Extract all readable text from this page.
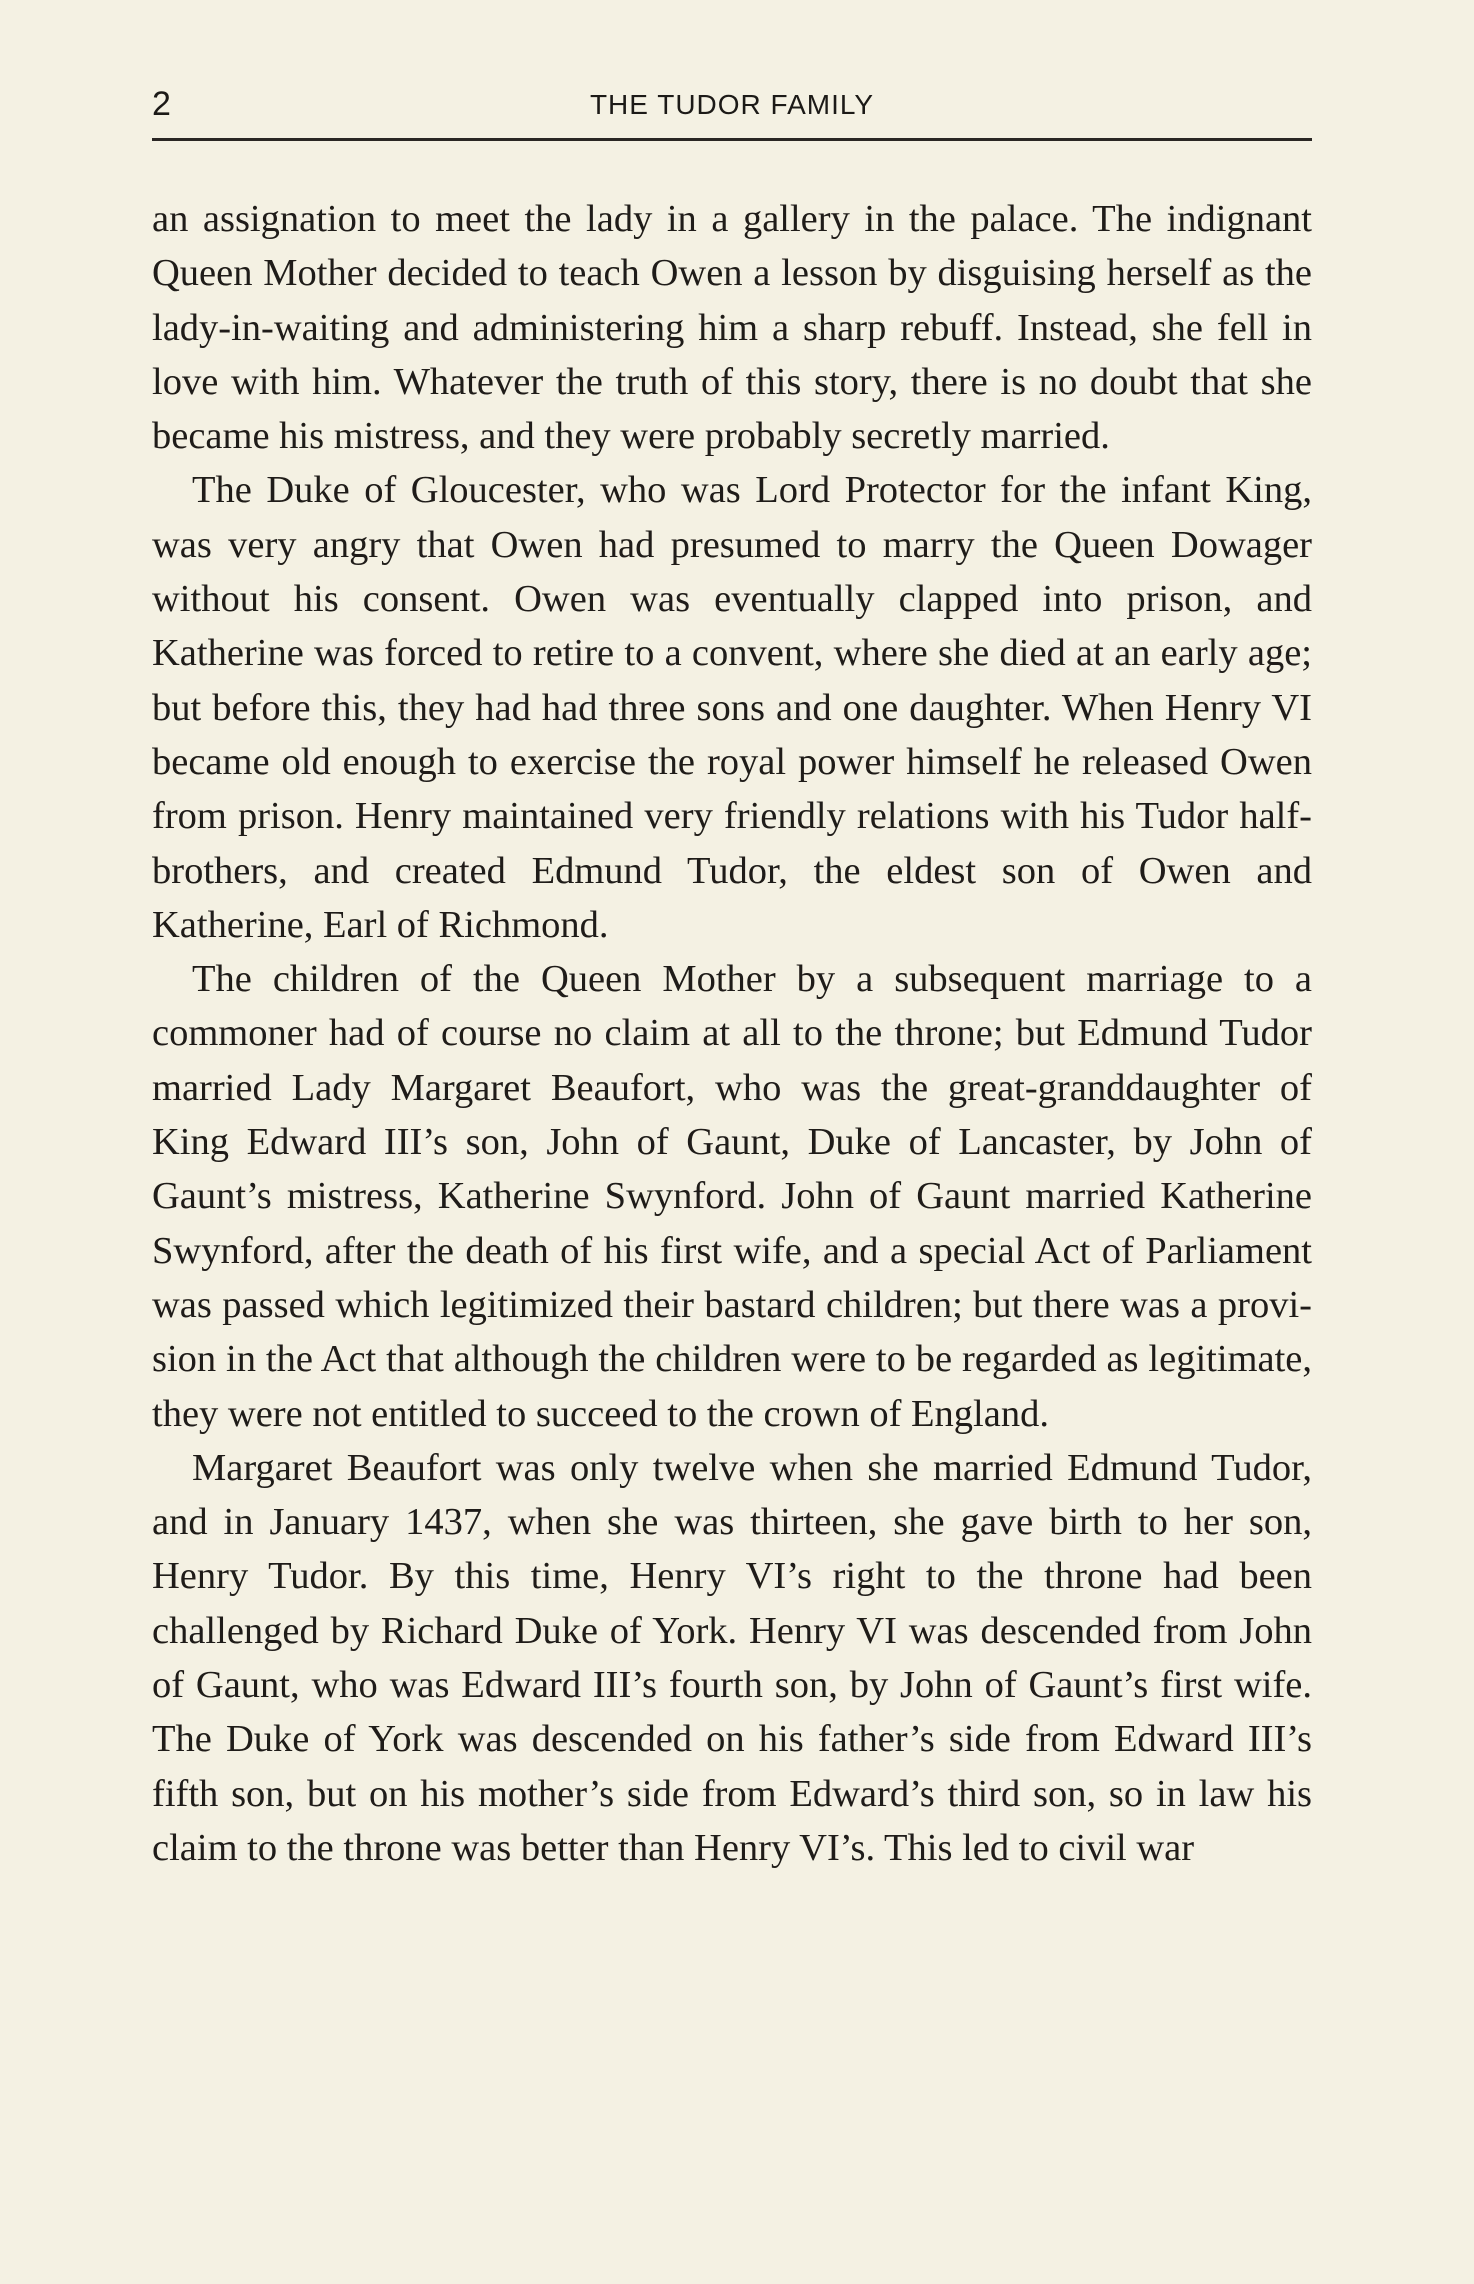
2	THE TUDOR FAMILY

an assignation to meet the lady in a gallery in the palace. The indignant Queen Mother decided to teach Owen a lesson by disguising herself as the lady-in-waiting and administering him a sharp rebuff. Instead, she fell in love with him. Whatever the truth of this story, there is no doubt that she became his mistress, and they were probably secretly married.

The Duke of Gloucester, who was Lord Protector for the infant King, was very angry that Owen had presumed to marry the Queen Dowager without his consent. Owen was eventually clapped into prison, and Katherine was forced to retire to a convent, where she died at an early age; but before this, they had had three sons and one daughter. When Henry VI became old enough to exercise the royal power himself he released Owen from prison. Henry maintained very friendly relations with his Tudor half-brothers, and created Edmund Tudor, the eldest son of Owen and Katherine, Earl of Richmond.

The children of the Queen Mother by a subsequent marriage to a commoner had of course no claim at all to the throne; but Edmund Tudor married Lady Margaret Beaufort, who was the great-granddaughter of King Edward III’s son, John of Gaunt, Duke of Lancaster, by John of Gaunt’s mistress, Katherine Swynford. John of Gaunt married Katherine Swynford, after the death of his first wife, and a special Act of Parliament was passed which legitimized their bastard children; but there was a provision in the Act that although the children were to be regarded as legitimate, they were not entitled to succeed to the crown of England.

Margaret Beaufort was only twelve when she married Edmund Tudor, and in January 1437, when she was thirteen, she gave birth to her son, Henry Tudor. By this time, Henry VI’s right to the throne had been challenged by Richard Duke of York. Henry VI was descended from John of Gaunt, who was Edward III’s fourth son, by John of Gaunt’s first wife. The Duke of York was descended on his father’s side from Edward III’s fifth son, but on his mother’s side from Edward’s third son, so in law his claim to the throne was better than Henry VI’s. This led to civil war
